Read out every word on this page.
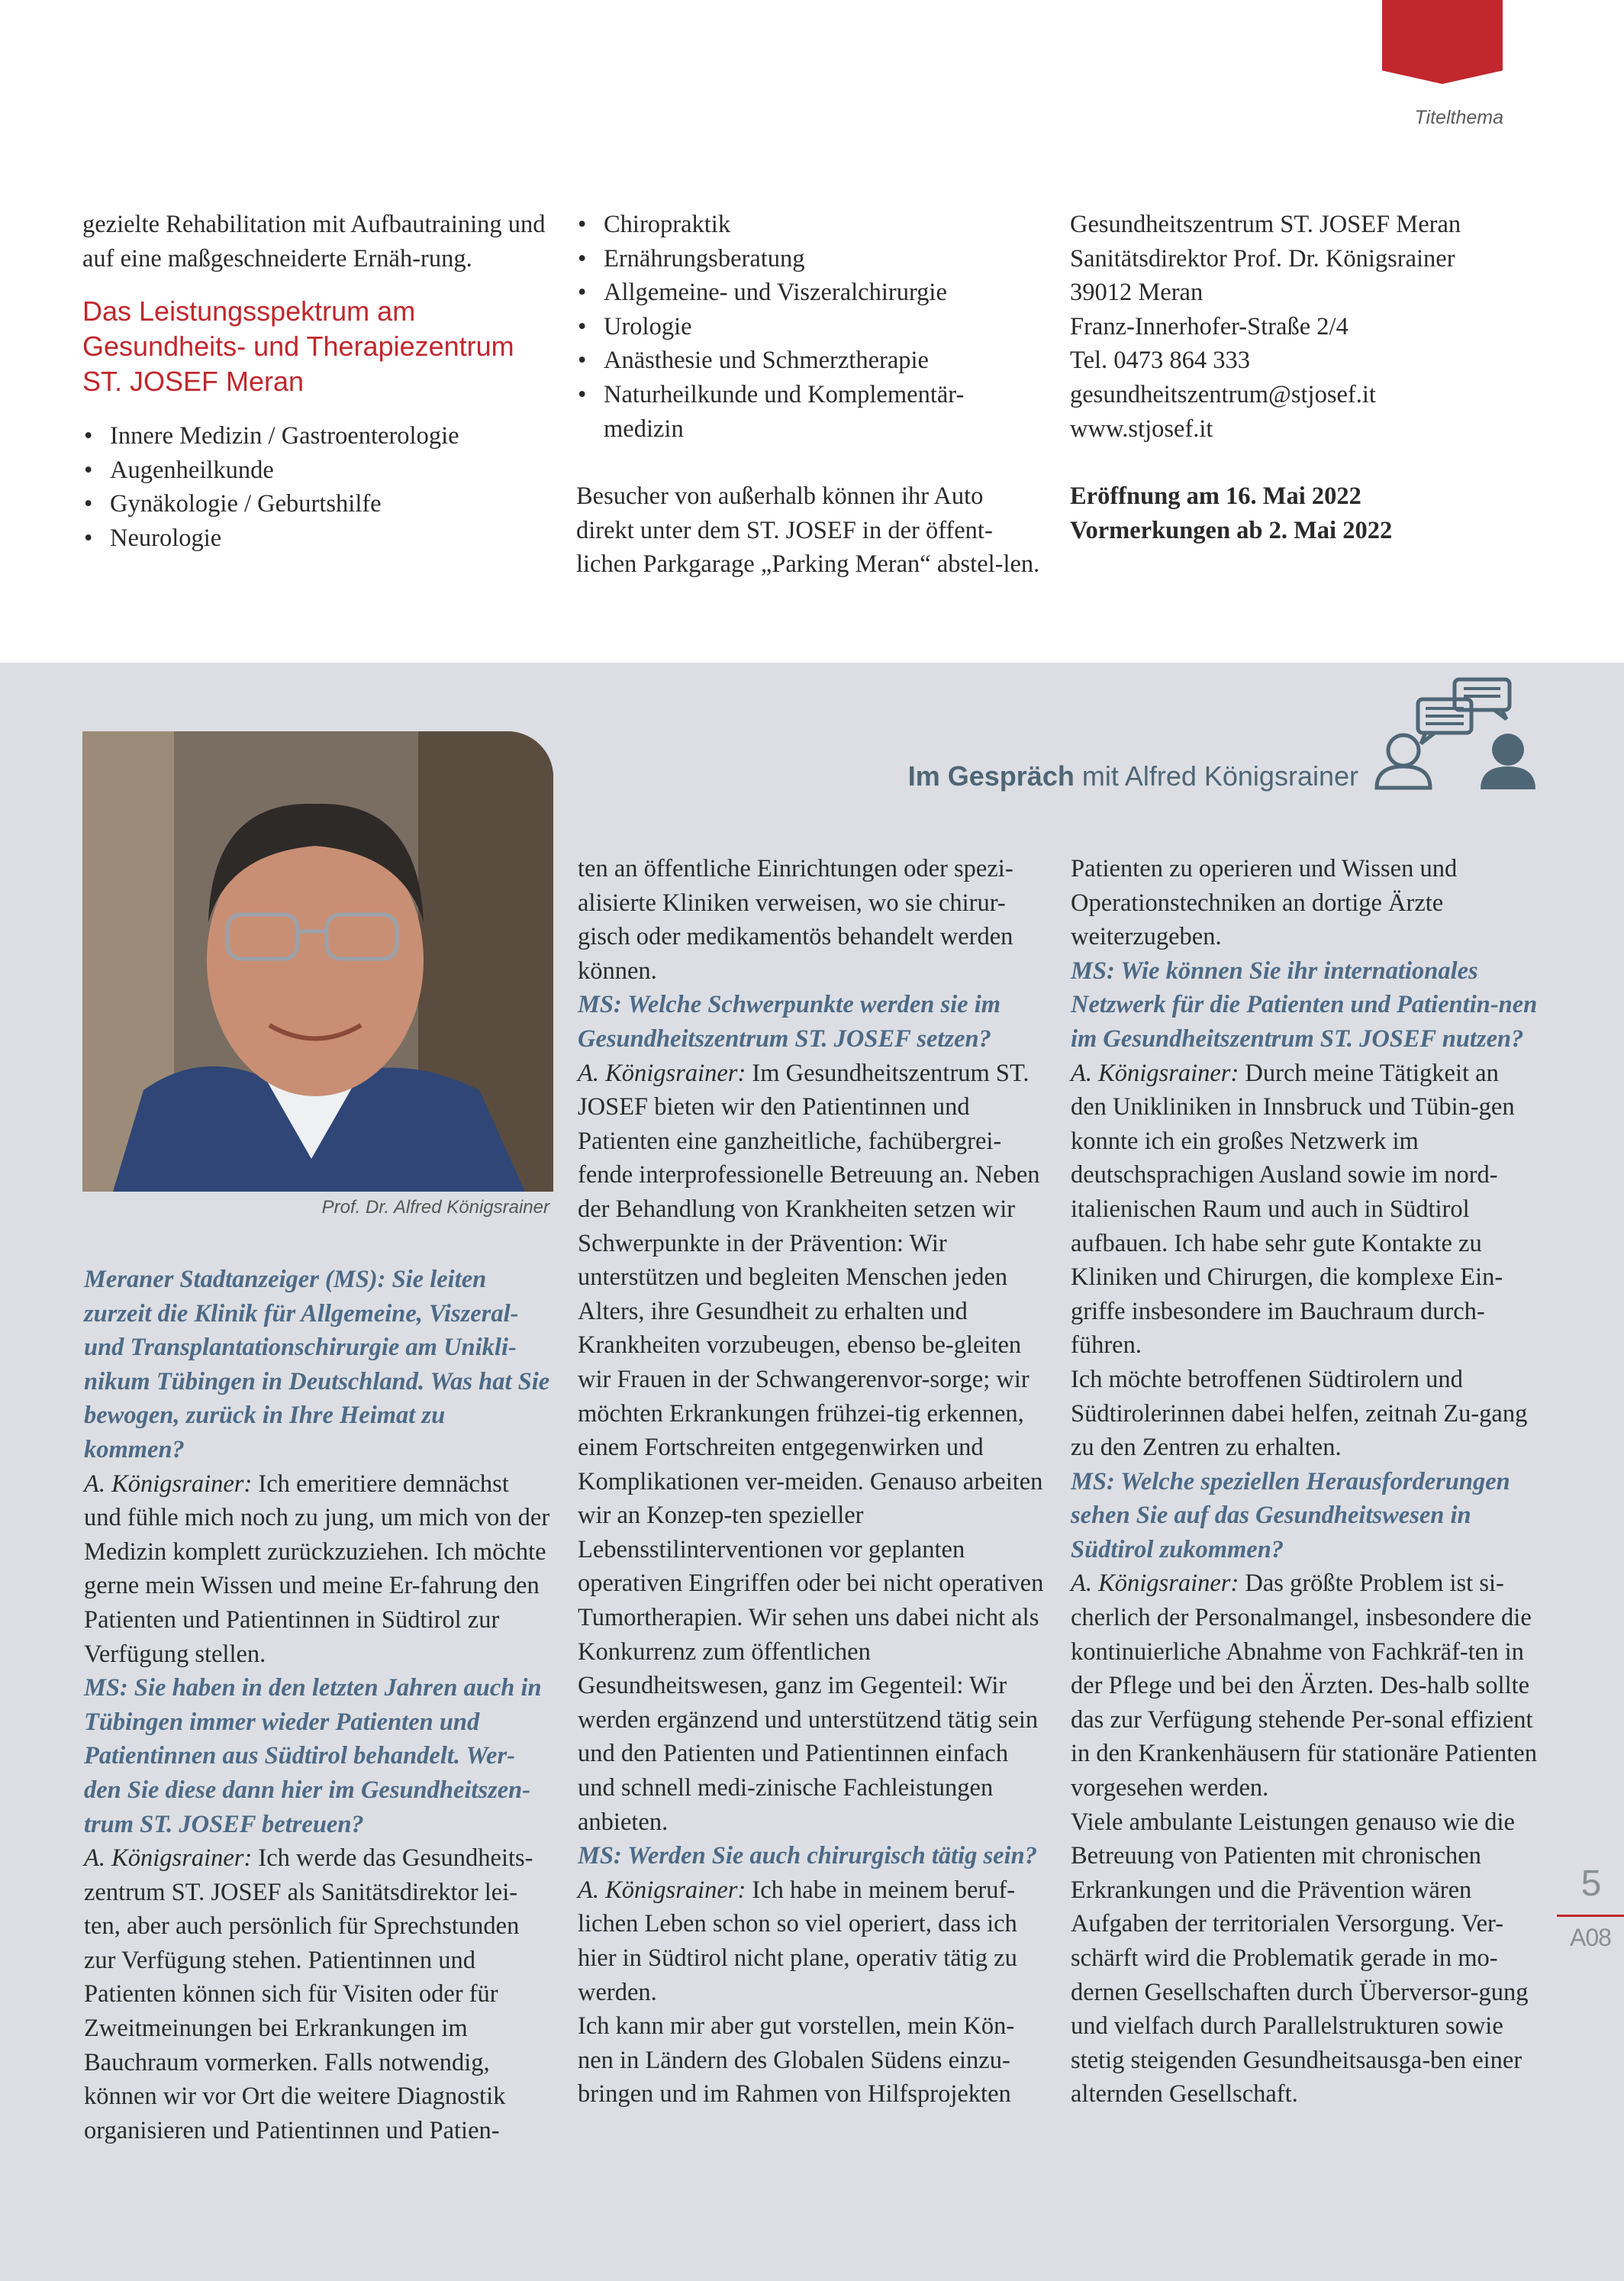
Titelthema

gezielte Rehabilitation mit Aufbautraining und auf eine maßgeschneiderte Ernäh-rung.

Das Leistungsspektrum am Gesundheits- und Therapiezentrum ST. JOSEF Meran

• Innere Medizin / Gastroenterologie
• Augenheilkunde
• Gynäkologie / Geburtshilfe
• Neurologie
• Chiropraktik
• Ernährungsberatung
• Allgemeine- und Viszeralchirurgie
• Urologie
• Anästhesie und Schmerztherapie
• Naturheilkunde und Komplementär-medizin

Besucher von außerhalb können ihr Auto direkt unter dem ST. JOSEF in der öffent-lichen Parkgarage „Parking Meran“ abstel-len.

Gesundheitszentrum ST. JOSEF Meran

Sanitätsdirektor Prof. Dr. Königsrainer

39012 Meran

Franz-Innerhofer-Straße 2/4

Tel. 0473 864 333

gesundheitszentrum@stjosef.it

www.stjosef.it

Eröffnung am 16. Mai 2022

Vormerkungen ab 2. Mai 2022

Im Gespräch mit Alfred Königsrainer
Prof. Dr. Alfred Königsrainer

Meraner Stadtanzeiger (MS): Sie leiten zurzeit die Klinik für Allgemeine, Viszeral- und Transplantationschirurgie am Unikli-nikum Tübingen in Deutschland. Was hat Sie bewogen, zurück in Ihre Heimat zu kommen?

A. Königsrainer: Ich emeritiere demnächst und fühle mich noch zu jung, um mich von der Medizin komplett zurückzuziehen. Ich möchte gerne mein Wissen und meine Er-fahrung den Patienten und Patientinnen in Südtirol zur Verfügung stellen.

MS: Sie haben in den letzten Jahren auch in Tübingen immer wieder Patienten und Patientinnen aus Südtirol behandelt. Wer-den Sie diese dann hier im Gesundheitszen-trum ST. JOSEF betreuen?

A. Königsrainer: Ich werde das Gesundheits-zentrum ST. JOSEF als Sanitätsdirektor lei-ten, aber auch persönlich für Sprechstunden zur Verfügung stehen. Patientinnen und Patienten können sich für Visiten oder für Zweitmeinungen bei Erkrankungen im Bauchraum vormerken. Falls notwendig, können wir vor Ort die weitere Diagnostik organisieren und Patientinnen und Patien-

ten an öffentliche Einrichtungen oder spezi-alisierte Kliniken verweisen, wo sie chirur-gisch oder medikamentös behandelt werden können.

MS: Welche Schwerpunkte werden sie im Gesundheitszentrum ST. JOSEF setzen?

A. Königsrainer: Im Gesundheitszentrum ST. JOSEF bieten wir den Patientinnen und Patienten eine ganzheitliche, fachübergrei-fende interprofessionelle Betreuung an. Neben der Behandlung von Krankheiten setzen wir Schwerpunkte in der Prävention: Wir unterstützen und begleiten Menschen jeden Alters, ihre Gesundheit zu erhalten und Krankheiten vorzubeugen, ebenso be-gleiten wir Frauen in der Schwangerenvor-sorge; wir möchten Erkrankungen frühzei-tig erkennen, einem Fortschreiten entgegenwirken und Komplikationen ver-meiden. Genauso arbeiten wir an Konzep-ten spezieller Lebensstilinterventionen vor geplanten operativen Eingriffen oder bei nicht operativen Tumortherapien. Wir sehen uns dabei nicht als Konkurrenz zum öffentlichen Gesundheitswesen, ganz im Gegenteil: Wir werden ergänzend und unterstützend tätig sein und den Patienten und Patientinnen einfach und schnell medi-zinische Fachleistungen anbieten.

MS: Werden Sie auch chirurgisch tätig sein?

A. Königsrainer: Ich habe in meinem beruf-lichen Leben schon so viel operiert, dass ich hier in Südtirol nicht plane, operativ tätig zu werden.

Ich kann mir aber gut vorstellen, mein Kön-nen in Ländern des Globalen Südens einzu-bringen und im Rahmen von Hilfsprojekten

Patienten zu operieren und Wissen und Operationstechniken an dortige Ärzte weiterzugeben.

MS: Wie können Sie ihr internationales Netzwerk für die Patienten und Patientin-nen im Gesundheitszentrum ST. JOSEF nutzen?

A. Königsrainer: Durch meine Tätigkeit an den Unikliniken in Innsbruck und Tübin-gen konnte ich ein großes Netzwerk im deutschsprachigen Ausland sowie im nord-italienischen Raum und auch in Südtirol aufbauen. Ich habe sehr gute Kontakte zu Kliniken und Chirurgen, die komplexe Ein-griffe insbesondere im Bauchraum durch-führen.

Ich möchte betroffenen Südtirolern und Südtirolerinnen dabei helfen, zeitnah Zu-gang zu den Zentren zu erhalten.

MS: Welche speziellen Herausforderungen sehen Sie auf das Gesundheitswesen in Südtirol zukommen?

A. Königsrainer: Das größte Problem ist si-cherlich der Personalmangel, insbesondere die kontinuierliche Abnahme von Fachkräf-ten in der Pflege und bei den Ärzten. Des-halb sollte das zur Verfügung stehende Per-sonal effizient in den Krankenhäusern für stationäre Patienten vorgesehen werden.

Viele ambulante Leistungen genauso wie die Betreuung von Patienten mit chronischen Erkrankungen und die Prävention wären Aufgaben der territorialen Versorgung. Ver-schärft wird die Problematik gerade in mo-dernen Gesellschaften durch Überversor-gung und vielfach durch Parallelstrukturen sowie stetig steigenden Gesundheitsausga-ben einer alternden Gesellschaft.

5
A08
